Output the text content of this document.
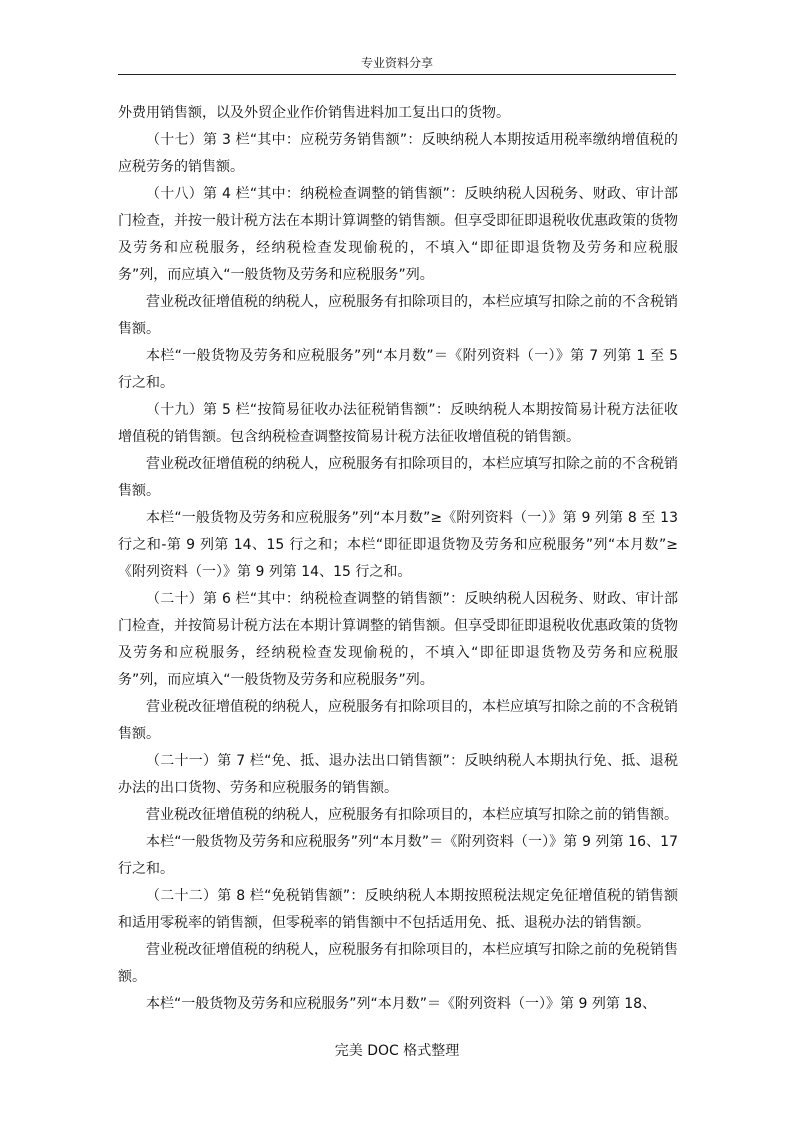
专业资料分享

外费用销售额，以及外贸企业作价销售进料加工复出口的货物。

（十七）第 3 栏“其中：应税劳务销售额”：反映纳税人本期按适用税率缴纳增值税的应税劳务的销售额。

（十八）第 4 栏“其中：纳税检查调整的销售额”：反映纳税人因税务、财政、审计部门检查，并按一般计税方法在本期计算调整的销售额。但享受即征即退税收优惠政策的货物及劳务和应税服务，经纳税检查发现偷税的，不填入“即征即退货物及劳务和应税服务”列，而应填入“一般货物及劳务和应税服务”列。

营业税改征增值税的纳税人，应税服务有扣除项目的，本栏应填写扣除之前的不含税销售额。

本栏“一般货物及劳务和应税服务”列“本月数”＝《附列资料（一）》第 7 列第 1 至 5 行之和。

（十九）第 5 栏“按简易征收办法征税销售额”：反映纳税人本期按简易计税方法征收增值税的销售额。包含纳税检查调整按简易计税方法征收增值税的销售额。

营业税改征增值税的纳税人，应税服务有扣除项目的，本栏应填写扣除之前的不含税销售额。

本栏“一般货物及劳务和应税服务”列“本月数”≥《附列资料（一）》第 9 列第 8 至 13 行之和-第 9 列第 14、15 行之和；本栏“即征即退货物及劳务和应税服务”列“本月数”≥《附列资料（一）》第 9 列第 14、15 行之和。

（二十）第 6 栏“其中：纳税检查调整的销售额”：反映纳税人因税务、财政、审计部门检查，并按简易计税方法在本期计算调整的销售额。但享受即征即退税收优惠政策的货物及劳务和应税服务，经纳税检查发现偷税的，不填入“即征即退货物及劳务和应税服务”列，而应填入“一般货物及劳务和应税服务”列。

营业税改征增值税的纳税人，应税服务有扣除项目的，本栏应填写扣除之前的不含税销售额。

（二十一）第 7 栏“免、抵、退办法出口销售额”：反映纳税人本期执行免、抵、退税办法的出口货物、劳务和应税服务的销售额。

营业税改征增值税的纳税人，应税服务有扣除项目的，本栏应填写扣除之前的销售额。

本栏“一般货物及劳务和应税服务”列“本月数”＝《附列资料（一）》第 9 列第 16、17 行之和。

（二十二）第 8 栏“免税销售额”：反映纳税人本期按照税法规定免征增值税的销售额和适用零税率的销售额，但零税率的销售额中不包括适用免、抵、退税办法的销售额。

营业税改征增值税的纳税人，应税服务有扣除项目的，本栏应填写扣除之前的免税销售额。

本栏“一般货物及劳务和应税服务”列“本月数”＝《附列资料（一）》第 9 列第 18、

完美 DOC 格式整理
